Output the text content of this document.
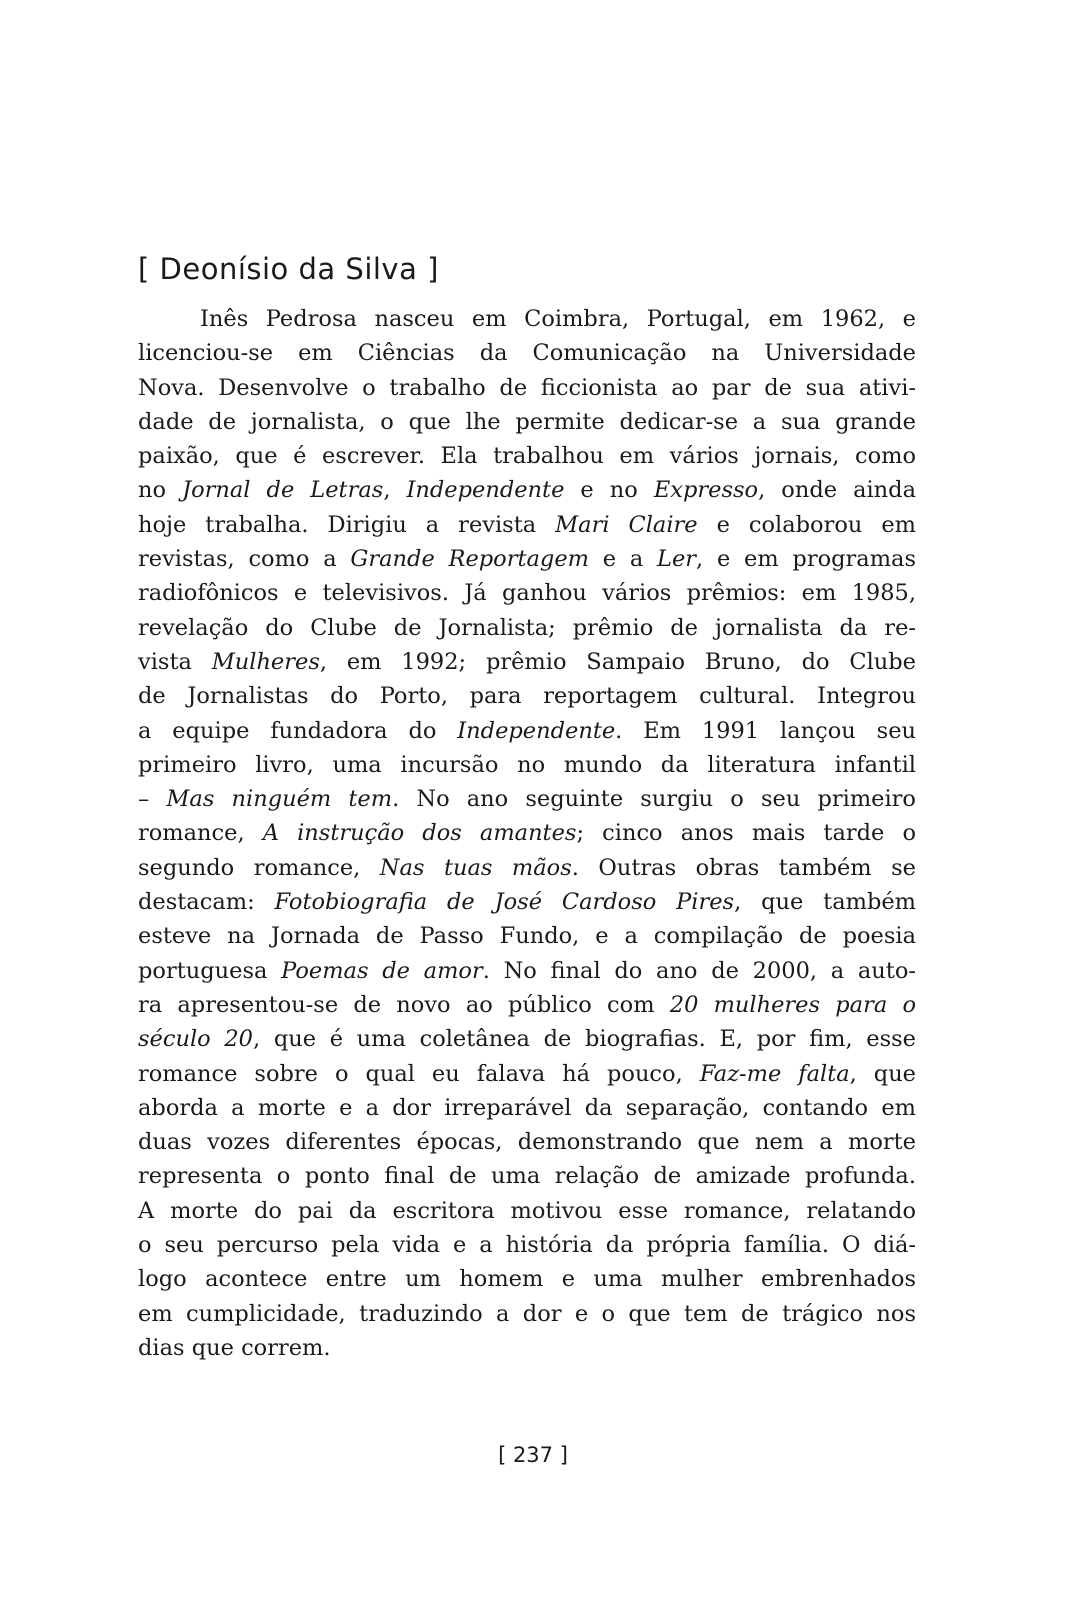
[ Deonísio da Silva ]
Inês Pedrosa nasceu em Coimbra, Portugal, em 1962, e
licenciou-se em Ciências da Comunicação na Universidade
Nova. Desenvolve o trabalho de ficcionista ao par de sua ativi-
dade de jornalista, o que lhe permite dedicar-se a sua grande
paixão, que é escrever. Ela trabalhou em vários jornais, como
no Jornal de Letras, Independente e no Expresso, onde ainda
hoje trabalha. Dirigiu a revista Mari Claire e colaborou em
revistas, como a Grande Reportagem e a Ler, e em programas
radiofônicos e televisivos. Já ganhou vários prêmios: em 1985,
revelação do Clube de Jornalista; prêmio de jornalista da re-
vista Mulheres, em 1992; prêmio Sampaio Bruno, do Clube
de Jornalistas do Porto, para reportagem cultural. Integrou
a equipe fundadora do Independente. Em 1991 lançou seu
primeiro livro, uma incursão no mundo da literatura infantil
– Mas ninguém tem. No ano seguinte surgiu o seu primeiro
romance, A instrução dos amantes; cinco anos mais tarde o
segundo romance, Nas tuas mãos. Outras obras também se
destacam: Fotobiografia de José Cardoso Pires, que também
esteve na Jornada de Passo Fundo, e a compilação de poesia
portuguesa Poemas de amor. No final do ano de 2000, a auto-
ra apresentou-se de novo ao público com 20 mulheres para o
século 20, que é uma coletânea de biografias. E, por fim, esse
romance sobre o qual eu falava há pouco, Faz-me falta, que
aborda a morte e a dor irreparável da separação, contando em
duas vozes diferentes épocas, demonstrando que nem a morte
representa o ponto final de uma relação de amizade profunda.
A morte do pai da escritora motivou esse romance, relatando
o seu percurso pela vida e a história da própria família. O diá-
logo acontece entre um homem e uma mulher embrenhados
em cumplicidade, traduzindo a dor e o que tem de trágico nos
dias que correm.
[ 237 ]
